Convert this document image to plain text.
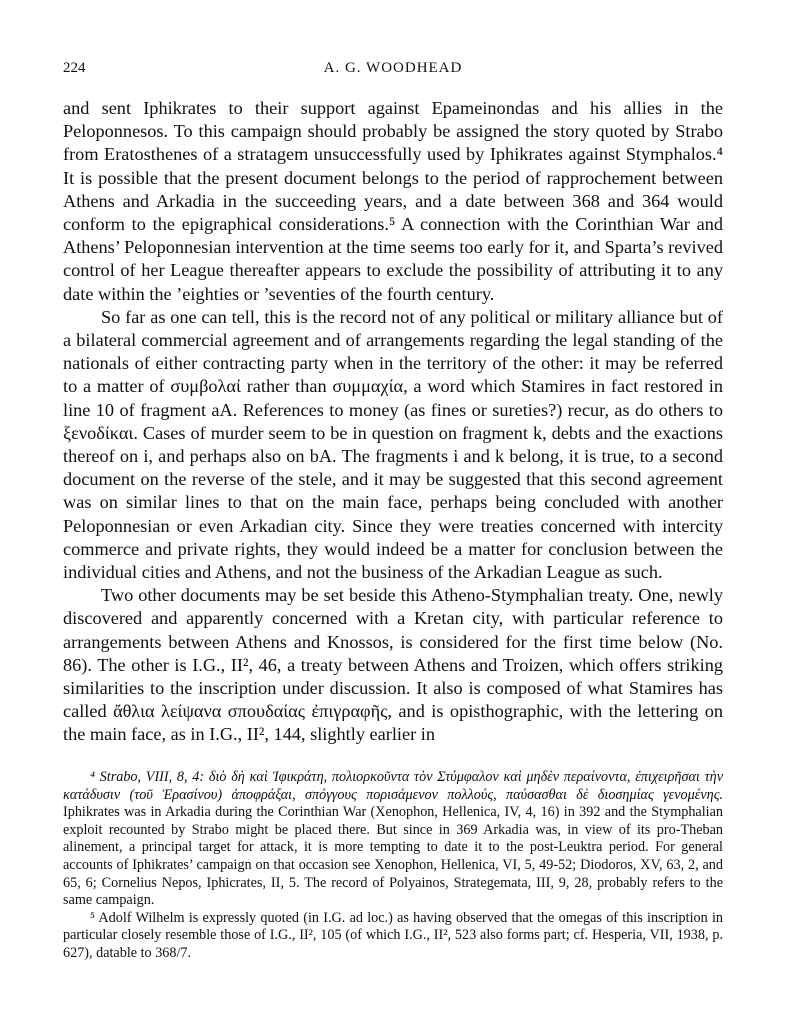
224	A. G. WOODHEAD

and sent Iphikrates to their support against Epameinondas and his allies in the Peloponnesos. To this campaign should probably be assigned the story quoted by Strabo from Eratosthenes of a stratagem unsuccessfully used by Iphikrates against Stymphalos.⁴ It is possible that the present document belongs to the period of rapprochement between Athens and Arkadia in the succeeding years, and a date between 368 and 364 would conform to the epigraphical considerations.⁵ A connection with the Corinthian War and Athens’ Peloponnesian intervention at the time seems too early for it, and Sparta’s revived control of her League thereafter appears to exclude the possibility of attributing it to any date within the ’eighties or ’seventies of the fourth century.

So far as one can tell, this is the record not of any political or military alliance but of a bilateral commercial agreement and of arrangements regarding the legal standing of the nationals of either contracting party when in the territory of the other: it may be referred to a matter of συμβολαί rather than συμμαχία, a word which Stamires in fact restored in line 10 of fragment aA. References to money (as fines or sureties?) recur, as do others to ξενοδίκαι. Cases of murder seem to be in question on fragment k, debts and the exactions thereof on i, and perhaps also on bA. The fragments i and k belong, it is true, to a second document on the reverse of the stele, and it may be suggested that this second agreement was on similar lines to that on the main face, perhaps being concluded with another Peloponnesian or even Arkadian city. Since they were treaties concerned with intercity commerce and private rights, they would indeed be a matter for conclusion between the individual cities and Athens, and not the business of the Arkadian League as such.

Two other documents may be set beside this Atheno-Stymphalian treaty. One, newly discovered and apparently concerned with a Kretan city, with particular reference to arrangements between Athens and Knossos, is considered for the first time below (No. 86). The other is I.G., II², 46, a treaty between Athens and Troizen, which offers striking similarities to the inscription under discussion. It also is composed of what Stamires has called ἄθλια λείψανα σπουδαίας ἐπιγραφῆς, and is opisthographic, with the lettering on the main face, as in I.G., II², 144, slightly earlier in

⁴ Strabo, VIII, 8, 4: διὸ δὴ καὶ Ἰφικράτη, πολιορκοῦντα τὸν Στύμφαλον καὶ μηδὲν περαίνοντα, ἐπιχειρῆσαι τὴν κατάδυσιν (τοῦ Ἐρασίνου) ἀποφράξαι, σπόγγους πορισάμενον πολλούς, παύσασθαι δὲ διοσημίας γενομένης. Iphikrates was in Arkadia during the Corinthian War (Xenophon, Hellenica, IV, 4, 16) in 392 and the Stymphalian exploit recounted by Strabo might be placed there. But since in 369 Arkadia was, in view of its pro-Theban alinement, a principal target for attack, it is more tempting to date it to the post-Leuktra period. For general accounts of Iphikrates’ campaign on that occasion see Xenophon, Hellenica, VI, 5, 49-52; Diodoros, XV, 63, 2, and 65, 6; Cornelius Nepos, Iphicrates, II, 5. The record of Polyainos, Strategemata, III, 9, 28, probably refers to the same campaign.

⁵ Adolf Wilhelm is expressly quoted (in I.G. ad loc.) as having observed that the omegas of this inscription in particular closely resemble those of I.G., II², 105 (of which I.G., II², 523 also forms part; cf. Hesperia, VII, 1938, p. 627), datable to 368/7.
